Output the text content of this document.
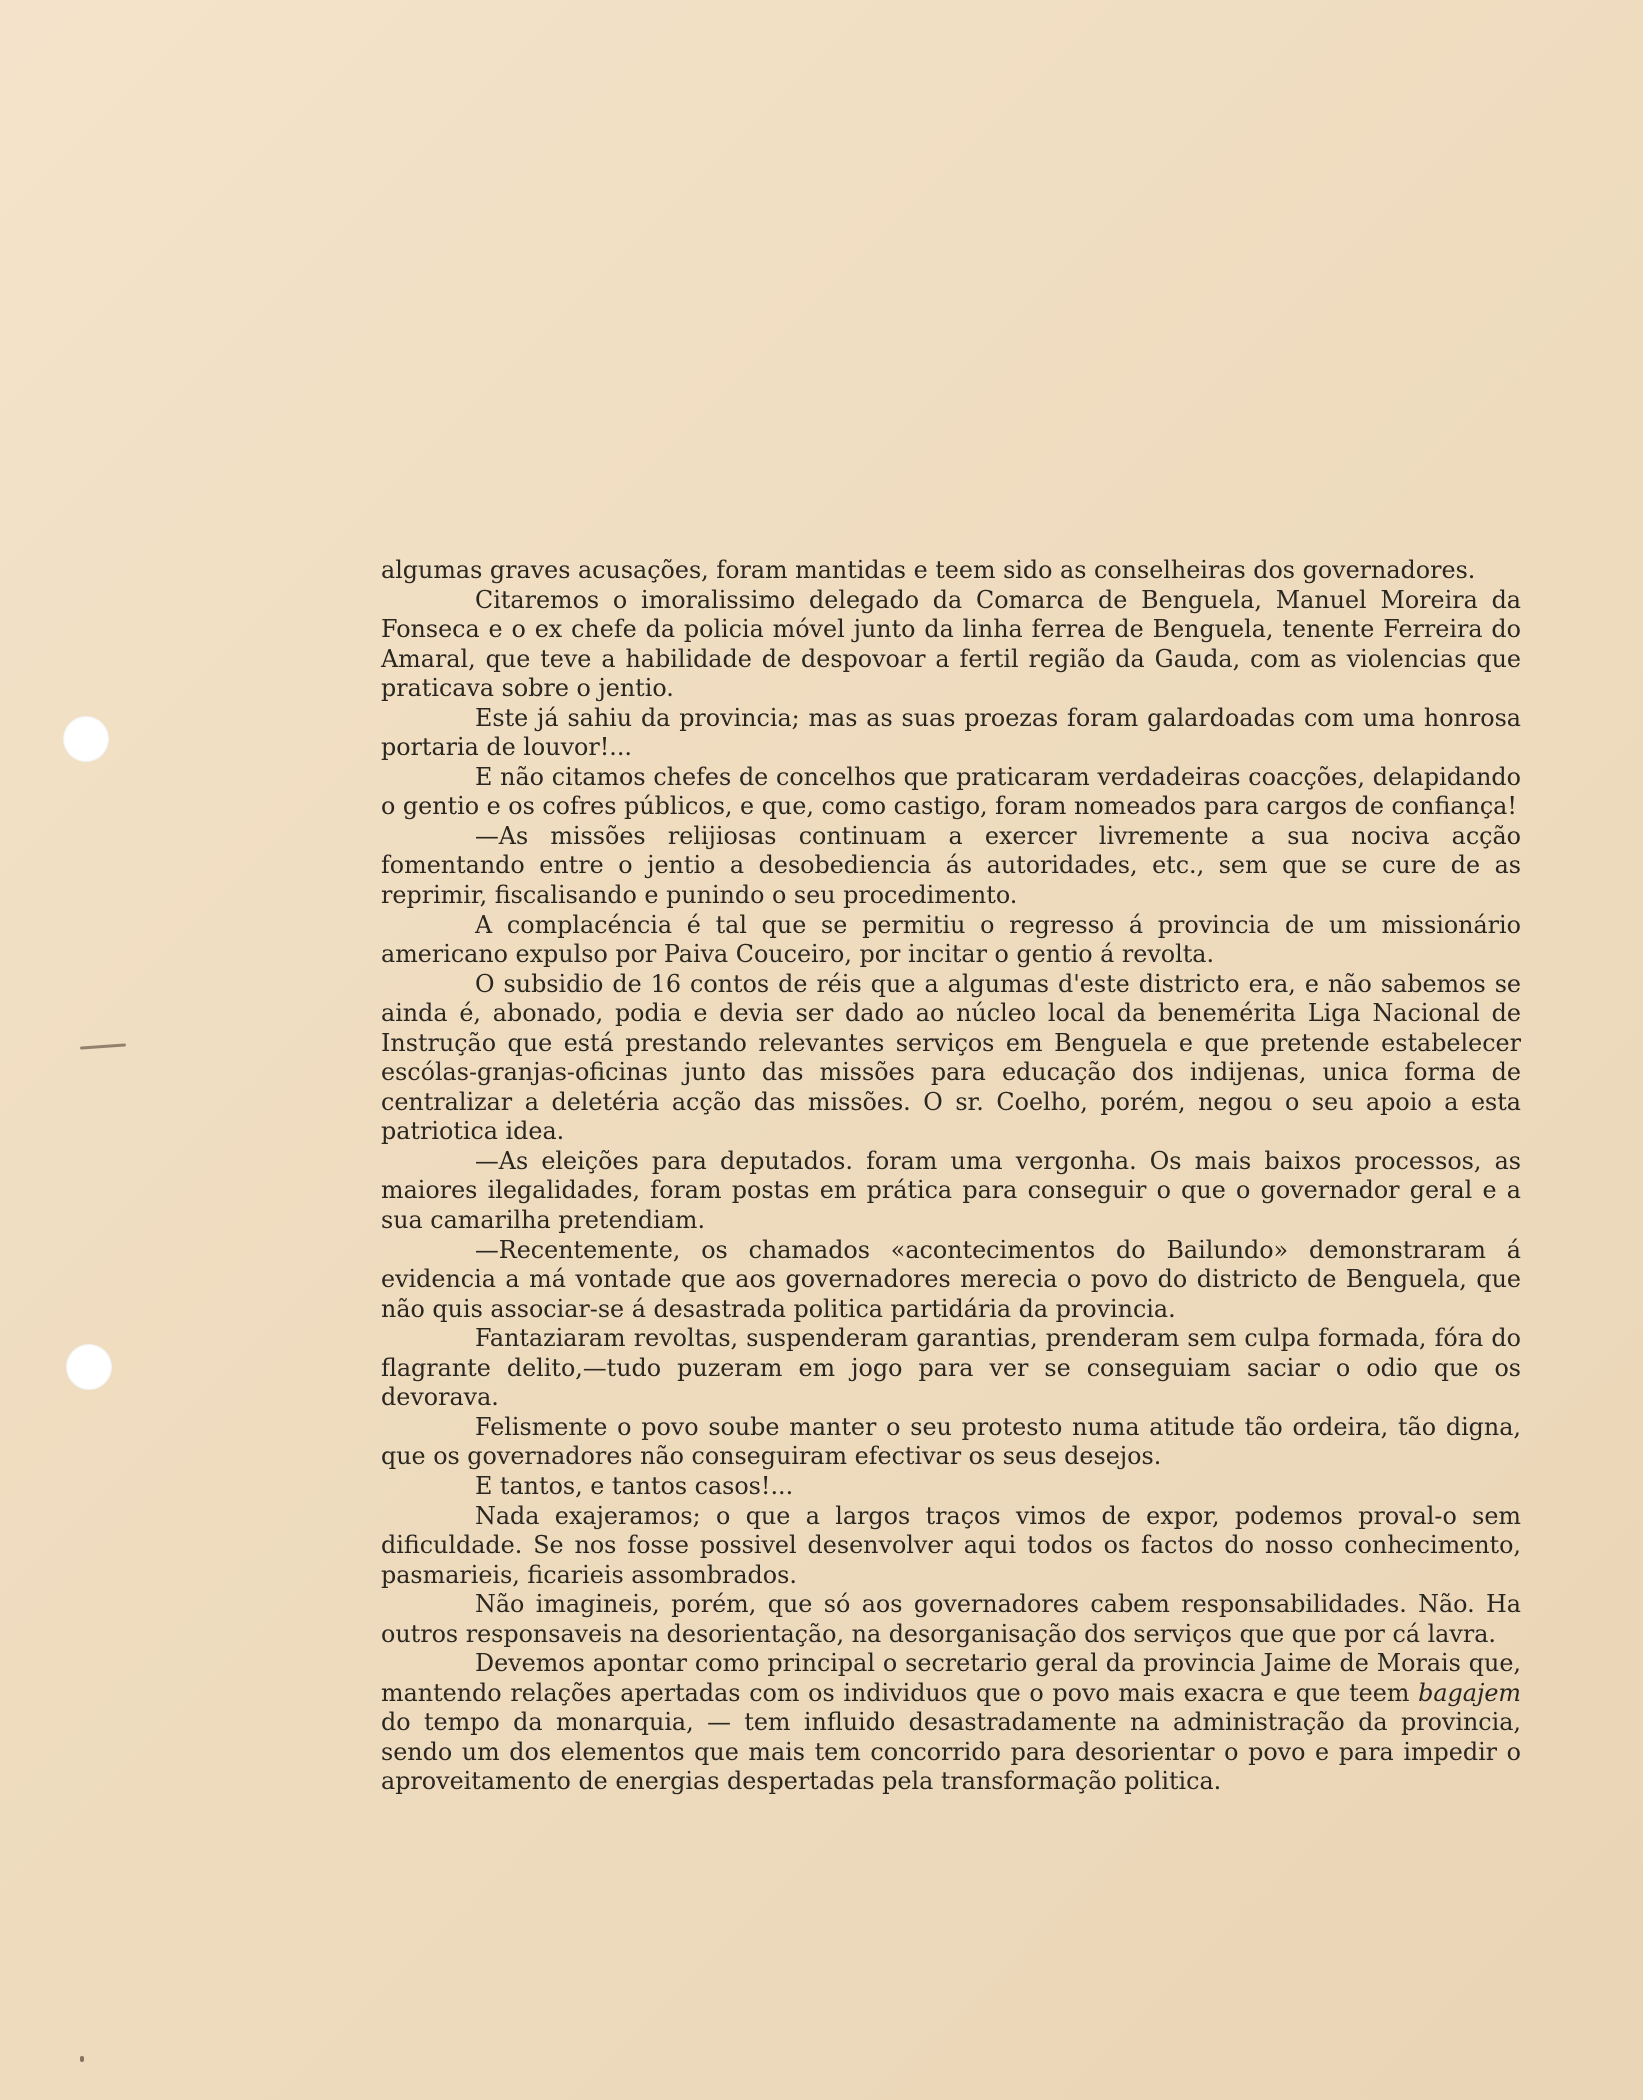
algumas graves acusações, foram mantidas e teem sido as conselheiras dos governadores.

Citaremos o imoralissimo delegado da Comarca de Benguela, Manuel Moreira da Fonseca e o ex chefe da policia móvel junto da linha ferrea de Benguela, tenente Ferreira do Amaral, que teve a habilidade de despovoar a fertil região da Gauda, com as violencias que praticava sobre o jentio.

Este já sahiu da provincia; mas as suas proezas foram galardoadas com uma honrosa portaria de louvor!...

E não citamos chefes de concelhos que praticaram verdadeiras coacções, delapidando o gentio e os cofres públicos, e que, como castigo, foram nomeados para cargos de confiança!

—As missões relijiosas continuam a exercer livremente a sua nociva acção fomentando entre o jentio a desobediencia ás autoridades, etc., sem que se cure de as reprimir, fiscalisando e punindo o seu procedimento.

A complacéncia é tal que se permitiu o regresso á provincia de um missionário americano expulso por Paiva Couceiro, por incitar o gentio á revolta.

O subsidio de 16 contos de réis que a algumas d'este districto era, e não sabemos se ainda é, abonado, podia e devia ser dado ao núcleo local da benemérita Liga Nacional de Instrução que está prestando relevantes serviços em Benguela e que pretende estabelecer escólas-granjas-oficinas junto das missões para educação dos indijenas, unica forma de centralizar a deletéria acção das missões. O sr. Coelho, porém, negou o seu apoio a esta patriotica idea.

—As eleições para deputados. foram uma vergonha. Os mais baixos processos, as maiores ilegalidades, foram postas em prática para conseguir o que o governador geral e a sua camarilha pretendiam.

—Recentemente, os chamados «acontecimentos do Bailundo» demonstraram á evidencia a má vontade que aos governadores merecia o povo do districto de Benguela, que não quis associar-se á desastrada politica partidária da provincia.

Fantaziaram revoltas, suspenderam garantias, prenderam sem culpa formada, fóra do flagrante delito,—tudo puzeram em jogo para ver se conseguiam saciar o odio que os devorava.

Felismente o povo soube manter o seu protesto numa atitude tão ordeira, tão digna, que os governadores não conseguiram efectivar os seus desejos.

E tantos, e tantos casos!...

Nada exajeramos; o que a largos traços vimos de expor, podemos proval-o sem dificuldade. Se nos fosse possivel desenvolver aqui todos os factos do nosso conhecimento, pasmarieis, ficarieis assombrados.

Não imagineis, porém, que só aos governadores cabem responsabilidades. Não. Ha outros responsaveis na desorientação, na desorganisação dos serviços que que por cá lavra.

Devemos apontar como principal o secretario geral da provincia Jaime de Morais que, mantendo relações apertadas com os individuos que o povo mais exacra e que teem bagajem do tempo da monarquia, — tem influido desastradamente na administração da provincia, sendo um dos elementos que mais tem concorrido para desorientar o povo e para impedir o aproveitamento de energias despertadas pela transformação politica.
